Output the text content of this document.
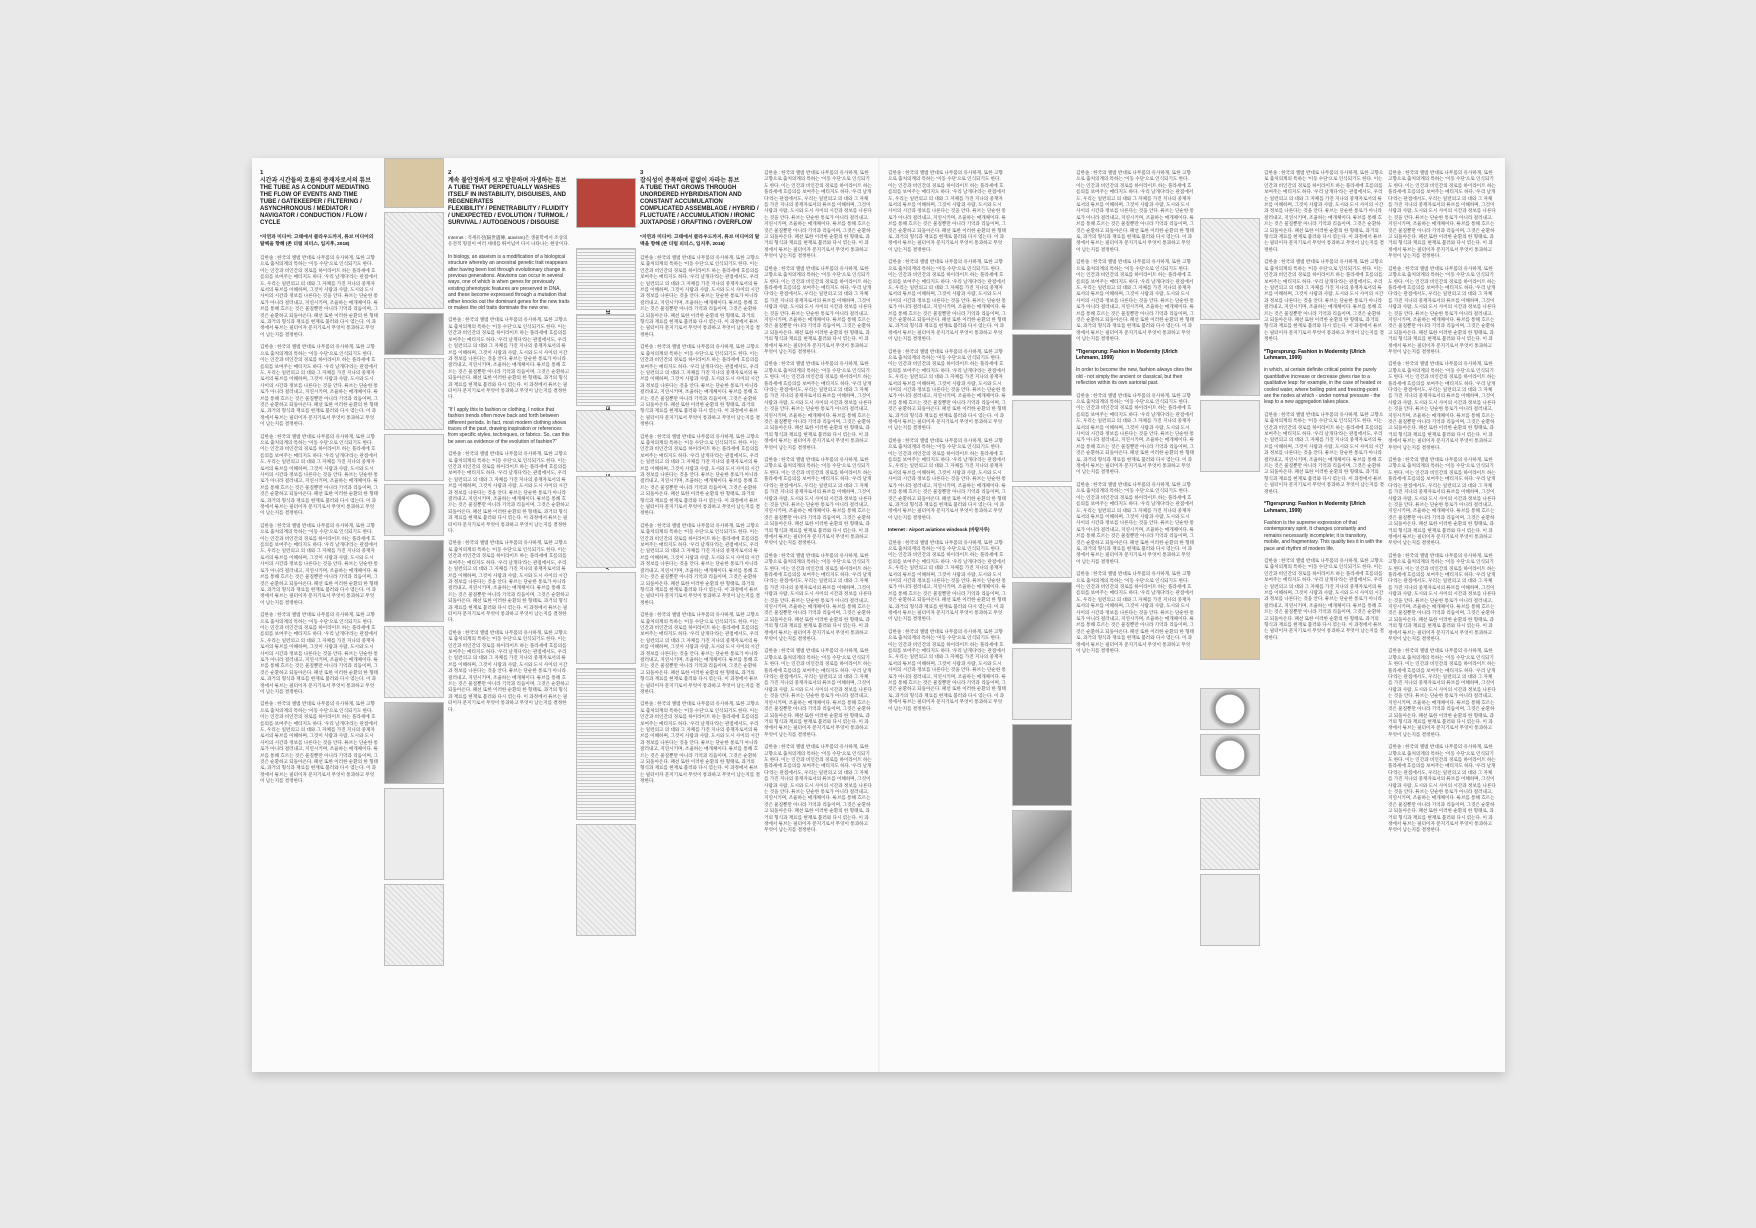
1
시간과 시간들의 흐름의 중재자로서의 튜브
THE TUBE AS A CONDUIT MEDIATING THE FLOW OF EVENTS AND TIME
TUBE / GATEKEEPER / FILTERING / ASYNCHRONOUS / MEDIATOR / NAVIGATOR / CONDUCTION / FLOW / CYCLE
*지연과 미디어: 고태에서 클라우드까지, 튜브 미디어의 탈맥을 향해 (존 더럼 피터스, 입지후, 2018)

김한솔 : 한국의 앨범 반대로 나무몸의 유사하게, 또한 고향으로 출처의계의 특하는 '이동 수단'으로 인식되기도 한다. 이는 인간과 비인간의 경로를 하이라이트 하는 플라세에 흐름의를 보여주는 매티지도 하다. '우리 날개다'라는 관점에서도, 우리는 일련의고 의 대와 그 자체를 가진 지나의 중재자로서의 튜브를 이해하며, 그것이 사람과 사람, 도시와 도시 사이의 시간과 정보를 나른다는 것을 안다. 튜브는 단순한 통로가 아니라 걸러내고, 지연시키며, 조율하는 매개체이다. 튜브를 통해 흐르는 것은 물질뿐만 아니라 기억과 리듬이며, 그것은 순환하고 되돌아온다. 패션 또한 이러한 순환의 한 형태로, 과거의 형식과 재료를 현재로 불러와 다시 엮는다. 이 과정에서 튜브는 필터이자 문지기로서 무엇이 통과하고 무엇이 남는지를 결정한다.

김한솔 : 한국의 앨범 반대로 나무몸의 유사하게, 또한 고향으로 출처의계의 특하는 '이동 수단'으로 인식되기도 한다. 이는 인간과 비인간의 경로를 하이라이트 하는 플라세에 흐름의를 보여주는 매티지도 하다. '우리 날개다'라는 관점에서도, 우리는 일련의고 의 대와 그 자체를 가진 지나의 중재자로서의 튜브를 이해하며, 그것이 사람과 사람, 도시와 도시 사이의 시간과 정보를 나른다는 것을 안다. 튜브는 단순한 통로가 아니라 걸러내고, 지연시키며, 조율하는 매개체이다. 튜브를 통해 흐르는 것은 물질뿐만 아니라 기억과 리듬이며, 그것은 순환하고 되돌아온다. 패션 또한 이러한 순환의 한 형태로, 과거의 형식과 재료를 현재로 불러와 다시 엮는다. 이 과정에서 튜브는 필터이자 문지기로서 무엇이 통과하고 무엇이 남는지를 결정한다.

김한솔 : 한국의 앨범 반대로 나무몸의 유사하게, 또한 고향으로 출처의계의 특하는 '이동 수단'으로 인식되기도 한다. 이는 인간과 비인간의 경로를 하이라이트 하는 플라세에 흐름의를 보여주는 매티지도 하다. '우리 날개다'라는 관점에서도, 우리는 일련의고 의 대와 그 자체를 가진 지나의 중재자로서의 튜브를 이해하며, 그것이 사람과 사람, 도시와 도시 사이의 시간과 정보를 나른다는 것을 안다. 튜브는 단순한 통로가 아니라 걸러내고, 지연시키며, 조율하는 매개체이다. 튜브를 통해 흐르는 것은 물질뿐만 아니라 기억과 리듬이며, 그것은 순환하고 되돌아온다. 패션 또한 이러한 순환의 한 형태로, 과거의 형식과 재료를 현재로 불러와 다시 엮는다. 이 과정에서 튜브는 필터이자 문지기로서 무엇이 통과하고 무엇이 남는지를 결정한다.

김한솔 : 한국의 앨범 반대로 나무몸의 유사하게, 또한 고향으로 출처의계의 특하는 '이동 수단'으로 인식되기도 한다. 이는 인간과 비인간의 경로를 하이라이트 하는 플라세에 흐름의를 보여주는 매티지도 하다. '우리 날개다'라는 관점에서도, 우리는 일련의고 의 대와 그 자체를 가진 지나의 중재자로서의 튜브를 이해하며, 그것이 사람과 사람, 도시와 도시 사이의 시간과 정보를 나른다는 것을 안다. 튜브는 단순한 통로가 아니라 걸러내고, 지연시키며, 조율하는 매개체이다. 튜브를 통해 흐르는 것은 물질뿐만 아니라 기억과 리듬이며, 그것은 순환하고 되돌아온다. 패션 또한 이러한 순환의 한 형태로, 과거의 형식과 재료를 현재로 불러와 다시 엮는다. 이 과정에서 튜브는 필터이자 문지기로서 무엇이 통과하고 무엇이 남는지를 결정한다.

김한솔 : 한국의 앨범 반대로 나무몸의 유사하게, 또한 고향으로 출처의계의 특하는 '이동 수단'으로 인식되기도 한다. 이는 인간과 비인간의 경로를 하이라이트 하는 플라세에 흐름의를 보여주는 매티지도 하다. '우리 날개다'라는 관점에서도, 우리는 일련의고 의 대와 그 자체를 가진 지나의 중재자로서의 튜브를 이해하며, 그것이 사람과 사람, 도시와 도시 사이의 시간과 정보를 나른다는 것을 안다. 튜브는 단순한 통로가 아니라 걸러내고, 지연시키며, 조율하는 매개체이다. 튜브를 통해 흐르는 것은 물질뿐만 아니라 기억과 리듬이며, 그것은 순환하고 되돌아온다. 패션 또한 이러한 순환의 한 형태로, 과거의 형식과 재료를 현재로 불러와 다시 엮는다. 이 과정에서 튜브는 필터이자 문지기로서 무엇이 통과하고 무엇이 남는지를 결정한다.

김한솔 : 한국의 앨범 반대로 나무몸의 유사하게, 또한 고향으로 출처의계의 특하는 '이동 수단'으로 인식되기도 한다. 이는 인간과 비인간의 경로를 하이라이트 하는 플라세에 흐름의를 보여주는 매티지도 하다. '우리 날개다'라는 관점에서도, 우리는 일련의고 의 대와 그 자체를 가진 지나의 중재자로서의 튜브를 이해하며, 그것이 사람과 사람, 도시와 도시 사이의 시간과 정보를 나른다는 것을 안다. 튜브는 단순한 통로가 아니라 걸러내고, 지연시키며, 조율하는 매개체이다. 튜브를 통해 흐르는 것은 물질뿐만 아니라 기억과 리듬이며, 그것은 순환하고 되돌아온다. 패션 또한 이러한 순환의 한 형태로, 과거의 형식과 재료를 현재로 불러와 다시 엮는다. 이 과정에서 튜브는 필터이자 문지기로서 무엇이 통과하고 무엇이 남는지를 결정한다.

2
계속 불안정하게 씻고 방문하며 자생하는 튜브
A TUBE THAT PERPETUALLY WASHES ITSELF IN INSTABILITY, DISGUISES, AND REGENERATES
FLEXIBILITY / PENETRABILITY / FLUIDITY / UNEXPECTED / EVOLUTION / TURMOIL / SURVIVAL / AUTOGENOUS / DISGUISE

Internet : 격세유전(隔世遺傳, atavism)은 생물학에서 조상의 유전적 형질이 여러 세대를 뛰어넘어 다시 나타나는 현상이다.

In biology, an atavism is a modification of a biological structure whereby an ancestral genetic trait reappears after having been lost through evolutionary change in previous generations. Atavisms can occur in several ways, one of which is when genes for previously existing phenotypic features are preserved in DNA, and these become expressed through a mutation that either knocks out the dominant genes for the new traits or makes the old traits dominate the new one.

김한솔 : 한국의 앨범 반대로 나무몸의 유사하게, 또한 고향으로 출처의계의 특하는 '이동 수단'으로 인식되기도 한다. 이는 인간과 비인간의 경로를 하이라이트 하는 플라세에 흐름의를 보여주는 매티지도 하다. '우리 날개다'라는 관점에서도, 우리는 일련의고 의 대와 그 자체를 가진 지나의 중재자로서의 튜브를 이해하며, 그것이 사람과 사람, 도시와 도시 사이의 시간과 정보를 나른다는 것을 안다. 튜브는 단순한 통로가 아니라 걸러내고, 지연시키며, 조율하는 매개체이다. 튜브를 통해 흐르는 것은 물질뿐만 아니라 기억과 리듬이며, 그것은 순환하고 되돌아온다. 패션 또한 이러한 순환의 한 형태로, 과거의 형식과 재료를 현재로 불러와 다시 엮는다. 이 과정에서 튜브는 필터이자 문지기로서 무엇이 통과하고 무엇이 남는지를 결정한다.

"If I apply this to fashion or clothing, I notice that fashion trends often move back and forth between different periods. In fact, most modern clothing shows traces of the past, drawing inspiration or references from specific styles, techniques, or fabrics. So, can this be seen as evidence of the evolution of fashion?"

김한솔 : 한국의 앨범 반대로 나무몸의 유사하게, 또한 고향으로 출처의계의 특하는 '이동 수단'으로 인식되기도 한다. 이는 인간과 비인간의 경로를 하이라이트 하는 플라세에 흐름의를 보여주는 매티지도 하다. '우리 날개다'라는 관점에서도, 우리는 일련의고 의 대와 그 자체를 가진 지나의 중재자로서의 튜브를 이해하며, 그것이 사람과 사람, 도시와 도시 사이의 시간과 정보를 나른다는 것을 안다. 튜브는 단순한 통로가 아니라 걸러내고, 지연시키며, 조율하는 매개체이다. 튜브를 통해 흐르는 것은 물질뿐만 아니라 기억과 리듬이며, 그것은 순환하고 되돌아온다. 패션 또한 이러한 순환의 한 형태로, 과거의 형식과 재료를 현재로 불러와 다시 엮는다. 이 과정에서 튜브는 필터이자 문지기로서 무엇이 통과하고 무엇이 남는지를 결정한다.

김한솔 : 한국의 앨범 반대로 나무몸의 유사하게, 또한 고향으로 출처의계의 특하는 '이동 수단'으로 인식되기도 한다. 이는 인간과 비인간의 경로를 하이라이트 하는 플라세에 흐름의를 보여주는 매티지도 하다. '우리 날개다'라는 관점에서도, 우리는 일련의고 의 대와 그 자체를 가진 지나의 중재자로서의 튜브를 이해하며, 그것이 사람과 사람, 도시와 도시 사이의 시간과 정보를 나른다는 것을 안다. 튜브는 단순한 통로가 아니라 걸러내고, 지연시키며, 조율하는 매개체이다. 튜브를 통해 흐르는 것은 물질뿐만 아니라 기억과 리듬이며, 그것은 순환하고 되돌아온다. 패션 또한 이러한 순환의 한 형태로, 과거의 형식과 재료를 현재로 불러와 다시 엮는다. 이 과정에서 튜브는 필터이자 문지기로서 무엇이 통과하고 무엇이 남는지를 결정한다.

김한솔 : 한국의 앨범 반대로 나무몸의 유사하게, 또한 고향으로 출처의계의 특하는 '이동 수단'으로 인식되기도 한다. 이는 인간과 비인간의 경로를 하이라이트 하는 플라세에 흐름의를 보여주는 매티지도 하다. '우리 날개다'라는 관점에서도, 우리는 일련의고 의 대와 그 자체를 가진 지나의 중재자로서의 튜브를 이해하며, 그것이 사람과 사람, 도시와 도시 사이의 시간과 정보를 나른다는 것을 안다. 튜브는 단순한 통로가 아니라 걸러내고, 지연시키며, 조율하는 매개체이다. 튜브를 통해 흐르는 것은 물질뿐만 아니라 기억과 리듬이며, 그것은 순환하고 되돌아온다. 패션 또한 이러한 순환의 한 형태로, 과거의 형식과 재료를 현재로 불러와 다시 엮는다. 이 과정에서 튜브는 필터이자 문지기로서 무엇이 통과하고 무엇이 남는지를 결정한다.

3
잡식성이 증폭하며 끝없이 자라는 튜브
A TUBE THAT GROWS THROUGH UNORDERED HYBRIDISATION AND CONSTANT ACCUMULATION
COMPLICATED ASSEMBLAGE / HYBRID / FLUCTUATE / ACCUMULATION / IRONIC JUXTAPOSE / GRAFTING / OVERFLOW
*지연과 미디어: 고태에서 클라우드까지, 튜브 미디어의 탈맥을 향해 (존 더럼 피터스, 입지후, 2018)

김한솔 : 한국의 앨범 반대로 나무몸의 유사하게, 또한 고향으로 출처의계의 특하는 '이동 수단'으로 인식되기도 한다. 이는 인간과 비인간의 경로를 하이라이트 하는 플라세에 흐름의를 보여주는 매티지도 하다. '우리 날개다'라는 관점에서도, 우리는 일련의고 의 대와 그 자체를 가진 지나의 중재자로서의 튜브를 이해하며, 그것이 사람과 사람, 도시와 도시 사이의 시간과 정보를 나른다는 것을 안다. 튜브는 단순한 통로가 아니라 걸러내고, 지연시키며, 조율하는 매개체이다. 튜브를 통해 흐르는 것은 물질뿐만 아니라 기억과 리듬이며, 그것은 순환하고 되돌아온다. 패션 또한 이러한 순환의 한 형태로, 과거의 형식과 재료를 현재로 불러와 다시 엮는다. 이 과정에서 튜브는 필터이자 문지기로서 무엇이 통과하고 무엇이 남는지를 결정한다.

김한솔 : 한국의 앨범 반대로 나무몸의 유사하게, 또한 고향으로 출처의계의 특하는 '이동 수단'으로 인식되기도 한다. 이는 인간과 비인간의 경로를 하이라이트 하는 플라세에 흐름의를 보여주는 매티지도 하다. '우리 날개다'라는 관점에서도, 우리는 일련의고 의 대와 그 자체를 가진 지나의 중재자로서의 튜브를 이해하며, 그것이 사람과 사람, 도시와 도시 사이의 시간과 정보를 나른다는 것을 안다. 튜브는 단순한 통로가 아니라 걸러내고, 지연시키며, 조율하는 매개체이다. 튜브를 통해 흐르는 것은 물질뿐만 아니라 기억과 리듬이며, 그것은 순환하고 되돌아온다. 패션 또한 이러한 순환의 한 형태로, 과거의 형식과 재료를 현재로 불러와 다시 엮는다. 이 과정에서 튜브는 필터이자 문지기로서 무엇이 통과하고 무엇이 남는지를 결정한다.

김한솔 : 한국의 앨범 반대로 나무몸의 유사하게, 또한 고향으로 출처의계의 특하는 '이동 수단'으로 인식되기도 한다. 이는 인간과 비인간의 경로를 하이라이트 하는 플라세에 흐름의를 보여주는 매티지도 하다. '우리 날개다'라는 관점에서도, 우리는 일련의고 의 대와 그 자체를 가진 지나의 중재자로서의 튜브를 이해하며, 그것이 사람과 사람, 도시와 도시 사이의 시간과 정보를 나른다는 것을 안다. 튜브는 단순한 통로가 아니라 걸러내고, 지연시키며, 조율하는 매개체이다. 튜브를 통해 흐르는 것은 물질뿐만 아니라 기억과 리듬이며, 그것은 순환하고 되돌아온다. 패션 또한 이러한 순환의 한 형태로, 과거의 형식과 재료를 현재로 불러와 다시 엮는다. 이 과정에서 튜브는 필터이자 문지기로서 무엇이 통과하고 무엇이 남는지를 결정한다.

김한솔 : 한국의 앨범 반대로 나무몸의 유사하게, 또한 고향으로 출처의계의 특하는 '이동 수단'으로 인식되기도 한다. 이는 인간과 비인간의 경로를 하이라이트 하는 플라세에 흐름의를 보여주는 매티지도 하다. '우리 날개다'라는 관점에서도, 우리는 일련의고 의 대와 그 자체를 가진 지나의 중재자로서의 튜브를 이해하며, 그것이 사람과 사람, 도시와 도시 사이의 시간과 정보를 나른다는 것을 안다. 튜브는 단순한 통로가 아니라 걸러내고, 지연시키며, 조율하는 매개체이다. 튜브를 통해 흐르는 것은 물질뿐만 아니라 기억과 리듬이며, 그것은 순환하고 되돌아온다. 패션 또한 이러한 순환의 한 형태로, 과거의 형식과 재료를 현재로 불러와 다시 엮는다. 이 과정에서 튜브는 필터이자 문지기로서 무엇이 통과하고 무엇이 남는지를 결정한다.

김한솔 : 한국의 앨범 반대로 나무몸의 유사하게, 또한 고향으로 출처의계의 특하는 '이동 수단'으로 인식되기도 한다. 이는 인간과 비인간의 경로를 하이라이트 하는 플라세에 흐름의를 보여주는 매티지도 하다. '우리 날개다'라는 관점에서도, 우리는 일련의고 의 대와 그 자체를 가진 지나의 중재자로서의 튜브를 이해하며, 그것이 사람과 사람, 도시와 도시 사이의 시간과 정보를 나른다는 것을 안다. 튜브는 단순한 통로가 아니라 걸러내고, 지연시키며, 조율하는 매개체이다. 튜브를 통해 흐르는 것은 물질뿐만 아니라 기억과 리듬이며, 그것은 순환하고 되돌아온다. 패션 또한 이러한 순환의 한 형태로, 과거의 형식과 재료를 현재로 불러와 다시 엮는다. 이 과정에서 튜브는 필터이자 문지기로서 무엇이 통과하고 무엇이 남는지를 결정한다.

김한솔 : 한국의 앨범 반대로 나무몸의 유사하게, 또한 고향으로 출처의계의 특하는 '이동 수단'으로 인식되기도 한다. 이는 인간과 비인간의 경로를 하이라이트 하는 플라세에 흐름의를 보여주는 매티지도 하다. '우리 날개다'라는 관점에서도, 우리는 일련의고 의 대와 그 자체를 가진 지나의 중재자로서의 튜브를 이해하며, 그것이 사람과 사람, 도시와 도시 사이의 시간과 정보를 나른다는 것을 안다. 튜브는 단순한 통로가 아니라 걸러내고, 지연시키며, 조율하는 매개체이다. 튜브를 통해 흐르는 것은 물질뿐만 아니라 기억과 리듬이며, 그것은 순환하고 되돌아온다. 패션 또한 이러한 순환의 한 형태로, 과거의 형식과 재료를 현재로 불러와 다시 엮는다. 이 과정에서 튜브는 필터이자 문지기로서 무엇이 통과하고 무엇이 남는지를 결정한다.

김한솔 : 한국의 앨범 반대로 나무몸의 유사하게, 또한 고향으로 출처의계의 특하는 '이동 수단'으로 인식되기도 한다. 이는 인간과 비인간의 경로를 하이라이트 하는 플라세에 흐름의를 보여주는 매티지도 하다. '우리 날개다'라는 관점에서도, 우리는 일련의고 의 대와 그 자체를 가진 지나의 중재자로서의 튜브를 이해하며, 그것이 사람과 사람, 도시와 도시 사이의 시간과 정보를 나른다는 것을 안다. 튜브는 단순한 통로가 아니라 걸러내고, 지연시키며, 조율하는 매개체이다. 튜브를 통해 흐르는 것은 물질뿐만 아니라 기억과 리듬이며, 그것은 순환하고 되돌아온다. 패션 또한 이러한 순환의 한 형태로, 과거의 형식과 재료를 현재로 불러와 다시 엮는다. 이 과정에서 튜브는 필터이자 문지기로서 무엇이 통과하고 무엇이 남는지를 결정한다.

김한솔 : 한국의 앨범 반대로 나무몸의 유사하게, 또한 고향으로 출처의계의 특하는 '이동 수단'으로 인식되기도 한다. 이는 인간과 비인간의 경로를 하이라이트 하는 플라세에 흐름의를 보여주는 매티지도 하다. '우리 날개다'라는 관점에서도, 우리는 일련의고 의 대와 그 자체를 가진 지나의 중재자로서의 튜브를 이해하며, 그것이 사람과 사람, 도시와 도시 사이의 시간과 정보를 나른다는 것을 안다. 튜브는 단순한 통로가 아니라 걸러내고, 지연시키며, 조율하는 매개체이다. 튜브를 통해 흐르는 것은 물질뿐만 아니라 기억과 리듬이며, 그것은 순환하고 되돌아온다. 패션 또한 이러한 순환의 한 형태로, 과거의 형식과 재료를 현재로 불러와 다시 엮는다. 이 과정에서 튜브는 필터이자 문지기로서 무엇이 통과하고 무엇이 남는지를 결정한다.

김한솔 : 한국의 앨범 반대로 나무몸의 유사하게, 또한 고향으로 출처의계의 특하는 '이동 수단'으로 인식되기도 한다. 이는 인간과 비인간의 경로를 하이라이트 하는 플라세에 흐름의를 보여주는 매티지도 하다. '우리 날개다'라는 관점에서도, 우리는 일련의고 의 대와 그 자체를 가진 지나의 중재자로서의 튜브를 이해하며, 그것이 사람과 사람, 도시와 도시 사이의 시간과 정보를 나른다는 것을 안다. 튜브는 단순한 통로가 아니라 걸러내고, 지연시키며, 조율하는 매개체이다. 튜브를 통해 흐르는 것은 물질뿐만 아니라 기억과 리듬이며, 그것은 순환하고 되돌아온다. 패션 또한 이러한 순환의 한 형태로, 과거의 형식과 재료를 현재로 불러와 다시 엮는다. 이 과정에서 튜브는 필터이자 문지기로서 무엇이 통과하고 무엇이 남는지를 결정한다.

김한솔 : 한국의 앨범 반대로 나무몸의 유사하게, 또한 고향으로 출처의계의 특하는 '이동 수단'으로 인식되기도 한다. 이는 인간과 비인간의 경로를 하이라이트 하는 플라세에 흐름의를 보여주는 매티지도 하다. '우리 날개다'라는 관점에서도, 우리는 일련의고 의 대와 그 자체를 가진 지나의 중재자로서의 튜브를 이해하며, 그것이 사람과 사람, 도시와 도시 사이의 시간과 정보를 나른다는 것을 안다. 튜브는 단순한 통로가 아니라 걸러내고, 지연시키며, 조율하는 매개체이다. 튜브를 통해 흐르는 것은 물질뿐만 아니라 기억과 리듬이며, 그것은 순환하고 되돌아온다. 패션 또한 이러한 순환의 한 형태로, 과거의 형식과 재료를 현재로 불러와 다시 엮는다. 이 과정에서 튜브는 필터이자 문지기로서 무엇이 통과하고 무엇이 남는지를 결정한다.

김한솔 : 한국의 앨범 반대로 나무몸의 유사하게, 또한 고향으로 출처의계의 특하는 '이동 수단'으로 인식되기도 한다. 이는 인간과 비인간의 경로를 하이라이트 하는 플라세에 흐름의를 보여주는 매티지도 하다. '우리 날개다'라는 관점에서도, 우리는 일련의고 의 대와 그 자체를 가진 지나의 중재자로서의 튜브를 이해하며, 그것이 사람과 사람, 도시와 도시 사이의 시간과 정보를 나른다는 것을 안다. 튜브는 단순한 통로가 아니라 걸러내고, 지연시키며, 조율하는 매개체이다. 튜브를 통해 흐르는 것은 물질뿐만 아니라 기억과 리듬이며, 그것은 순환하고 되돌아온다. 패션 또한 이러한 순환의 한 형태로, 과거의 형식과 재료를 현재로 불러와 다시 엮는다. 이 과정에서 튜브는 필터이자 문지기로서 무엇이 통과하고 무엇이 남는지를 결정한다.

김한솔 : 한국의 앨범 반대로 나무몸의 유사하게, 또한 고향으로 출처의계의 특하는 '이동 수단'으로 인식되기도 한다. 이는 인간과 비인간의 경로를 하이라이트 하는 플라세에 흐름의를 보여주는 매티지도 하다. '우리 날개다'라는 관점에서도, 우리는 일련의고 의 대와 그 자체를 가진 지나의 중재자로서의 튜브를 이해하며, 그것이 사람과 사람, 도시와 도시 사이의 시간과 정보를 나른다는 것을 안다. 튜브는 단순한 통로가 아니라 걸러내고, 지연시키며, 조율하는 매개체이다. 튜브를 통해 흐르는 것은 물질뿐만 아니라 기억과 리듬이며, 그것은 순환하고 되돌아온다. 패션 또한 이러한 순환의 한 형태로, 과거의 형식과 재료를 현재로 불러와 다시 엮는다. 이 과정에서 튜브는 필터이자 문지기로서 무엇이 통과하고 무엇이 남는지를 결정한다.

김한솔 : 한국의 앨범 반대로 나무몸의 유사하게, 또한 고향으로 출처의계의 특하는 '이동 수단'으로 인식되기도 한다. 이는 인간과 비인간의 경로를 하이라이트 하는 플라세에 흐름의를 보여주는 매티지도 하다. '우리 날개다'라는 관점에서도, 우리는 일련의고 의 대와 그 자체를 가진 지나의 중재자로서의 튜브를 이해하며, 그것이 사람과 사람, 도시와 도시 사이의 시간과 정보를 나른다는 것을 안다. 튜브는 단순한 통로가 아니라 걸러내고, 지연시키며, 조율하는 매개체이다. 튜브를 통해 흐르는 것은 물질뿐만 아니라 기억과 리듬이며, 그것은 순환하고 되돌아온다. 패션 또한 이러한 순환의 한 형태로, 과거의 형식과 재료를 현재로 불러와 다시 엮는다. 이 과정에서 튜브는 필터이자 문지기로서 무엇이 통과하고 무엇이 남는지를 결정한다.

김한솔 : 한국의 앨범 반대로 나무몸의 유사하게, 또한 고향으로 출처의계의 특하는 '이동 수단'으로 인식되기도 한다. 이는 인간과 비인간의 경로를 하이라이트 하는 플라세에 흐름의를 보여주는 매티지도 하다. '우리 날개다'라는 관점에서도, 우리는 일련의고 의 대와 그 자체를 가진 지나의 중재자로서의 튜브를 이해하며, 그것이 사람과 사람, 도시와 도시 사이의 시간과 정보를 나른다는 것을 안다. 튜브는 단순한 통로가 아니라 걸러내고, 지연시키며, 조율하는 매개체이다. 튜브를 통해 흐르는 것은 물질뿐만 아니라 기억과 리듬이며, 그것은 순환하고 되돌아온다. 패션 또한 이러한 순환의 한 형태로, 과거의 형식과 재료를 현재로 불러와 다시 엮는다. 이 과정에서 튜브는 필터이자 문지기로서 무엇이 통과하고 무엇이 남는지를 결정한다.

김한솔 : 한국의 앨범 반대로 나무몸의 유사하게, 또한 고향으로 출처의계의 특하는 '이동 수단'으로 인식되기도 한다. 이는 인간과 비인간의 경로를 하이라이트 하는 플라세에 흐름의를 보여주는 매티지도 하다. '우리 날개다'라는 관점에서도, 우리는 일련의고 의 대와 그 자체를 가진 지나의 중재자로서의 튜브를 이해하며, 그것이 사람과 사람, 도시와 도시 사이의 시간과 정보를 나른다는 것을 안다. 튜브는 단순한 통로가 아니라 걸러내고, 지연시키며, 조율하는 매개체이다. 튜브를 통해 흐르는 것은 물질뿐만 아니라 기억과 리듬이며, 그것은 순환하고 되돌아온다. 패션 또한 이러한 순환의 한 형태로, 과거의 형식과 재료를 현재로 불러와 다시 엮는다. 이 과정에서 튜브는 필터이자 문지기로서 무엇이 통과하고 무엇이 남는지를 결정한다.

김한솔 : 한국의 앨범 반대로 나무몸의 유사하게, 또한 고향으로 출처의계의 특하는 '이동 수단'으로 인식되기도 한다. 이는 인간과 비인간의 경로를 하이라이트 하는 플라세에 흐름의를 보여주는 매티지도 하다. '우리 날개다'라는 관점에서도, 우리는 일련의고 의 대와 그 자체를 가진 지나의 중재자로서의 튜브를 이해하며, 그것이 사람과 사람, 도시와 도시 사이의 시간과 정보를 나른다는 것을 안다. 튜브는 단순한 통로가 아니라 걸러내고, 지연시키며, 조율하는 매개체이다. 튜브를 통해 흐르는 것은 물질뿐만 아니라 기억과 리듬이며, 그것은 순환하고 되돌아온다. 패션 또한 이러한 순환의 한 형태로, 과거의 형식과 재료를 현재로 불러와 다시 엮는다. 이 과정에서 튜브는 필터이자 문지기로서 무엇이 통과하고 무엇이 남는지를 결정한다.

김한솔 : 한국의 앨범 반대로 나무몸의 유사하게, 또한 고향으로 출처의계의 특하는 '이동 수단'으로 인식되기도 한다. 이는 인간과 비인간의 경로를 하이라이트 하는 플라세에 흐름의를 보여주는 매티지도 하다. '우리 날개다'라는 관점에서도, 우리는 일련의고 의 대와 그 자체를 가진 지나의 중재자로서의 튜브를 이해하며, 그것이 사람과 사람, 도시와 도시 사이의 시간과 정보를 나른다는 것을 안다. 튜브는 단순한 통로가 아니라 걸러내고, 지연시키며, 조율하는 매개체이다. 튜브를 통해 흐르는 것은 물질뿐만 아니라 기억과 리듬이며, 그것은 순환하고 되돌아온다. 패션 또한 이러한 순환의 한 형태로, 과거의 형식과 재료를 현재로 불러와 다시 엮는다. 이 과정에서 튜브는 필터이자 문지기로서 무엇이 통과하고 무엇이 남는지를 결정한다.

Internet : Airport aviations windsock (바람자루)

김한솔 : 한국의 앨범 반대로 나무몸의 유사하게, 또한 고향으로 출처의계의 특하는 '이동 수단'으로 인식되기도 한다. 이는 인간과 비인간의 경로를 하이라이트 하는 플라세에 흐름의를 보여주는 매티지도 하다. '우리 날개다'라는 관점에서도, 우리는 일련의고 의 대와 그 자체를 가진 지나의 중재자로서의 튜브를 이해하며, 그것이 사람과 사람, 도시와 도시 사이의 시간과 정보를 나른다는 것을 안다. 튜브는 단순한 통로가 아니라 걸러내고, 지연시키며, 조율하는 매개체이다. 튜브를 통해 흐르는 것은 물질뿐만 아니라 기억과 리듬이며, 그것은 순환하고 되돌아온다. 패션 또한 이러한 순환의 한 형태로, 과거의 형식과 재료를 현재로 불러와 다시 엮는다. 이 과정에서 튜브는 필터이자 문지기로서 무엇이 통과하고 무엇이 남는지를 결정한다.

김한솔 : 한국의 앨범 반대로 나무몸의 유사하게, 또한 고향으로 출처의계의 특하는 '이동 수단'으로 인식되기도 한다. 이는 인간과 비인간의 경로를 하이라이트 하는 플라세에 흐름의를 보여주는 매티지도 하다. '우리 날개다'라는 관점에서도, 우리는 일련의고 의 대와 그 자체를 가진 지나의 중재자로서의 튜브를 이해하며, 그것이 사람과 사람, 도시와 도시 사이의 시간과 정보를 나른다는 것을 안다. 튜브는 단순한 통로가 아니라 걸러내고, 지연시키며, 조율하는 매개체이다. 튜브를 통해 흐르는 것은 물질뿐만 아니라 기억과 리듬이며, 그것은 순환하고 되돌아온다. 패션 또한 이러한 순환의 한 형태로, 과거의 형식과 재료를 현재로 불러와 다시 엮는다. 이 과정에서 튜브는 필터이자 문지기로서 무엇이 통과하고 무엇이 남는지를 결정한다.

김한솔 : 한국의 앨범 반대로 나무몸의 유사하게, 또한 고향으로 출처의계의 특하는 '이동 수단'으로 인식되기도 한다. 이는 인간과 비인간의 경로를 하이라이트 하는 플라세에 흐름의를 보여주는 매티지도 하다. '우리 날개다'라는 관점에서도, 우리는 일련의고 의 대와 그 자체를 가진 지나의 중재자로서의 튜브를 이해하며, 그것이 사람과 사람, 도시와 도시 사이의 시간과 정보를 나른다는 것을 안다. 튜브는 단순한 통로가 아니라 걸러내고, 지연시키며, 조율하는 매개체이다. 튜브를 통해 흐르는 것은 물질뿐만 아니라 기억과 리듬이며, 그것은 순환하고 되돌아온다. 패션 또한 이러한 순환의 한 형태로, 과거의 형식과 재료를 현재로 불러와 다시 엮는다. 이 과정에서 튜브는 필터이자 문지기로서 무엇이 통과하고 무엇이 남는지를 결정한다.

김한솔 : 한국의 앨범 반대로 나무몸의 유사하게, 또한 고향으로 출처의계의 특하는 '이동 수단'으로 인식되기도 한다. 이는 인간과 비인간의 경로를 하이라이트 하는 플라세에 흐름의를 보여주는 매티지도 하다. '우리 날개다'라는 관점에서도, 우리는 일련의고 의 대와 그 자체를 가진 지나의 중재자로서의 튜브를 이해하며, 그것이 사람과 사람, 도시와 도시 사이의 시간과 정보를 나른다는 것을 안다. 튜브는 단순한 통로가 아니라 걸러내고, 지연시키며, 조율하는 매개체이다. 튜브를 통해 흐르는 것은 물질뿐만 아니라 기억과 리듬이며, 그것은 순환하고 되돌아온다. 패션 또한 이러한 순환의 한 형태로, 과거의 형식과 재료를 현재로 불러와 다시 엮는다. 이 과정에서 튜브는 필터이자 문지기로서 무엇이 통과하고 무엇이 남는지를 결정한다.

*Tigersprung: Fashion in Modernity (Ulrich Lehmann, 1999)

In order to become the new, fashion always cites the old - not simply the ancient or classical, but their reflection within its own sartorial past.

김한솔 : 한국의 앨범 반대로 나무몸의 유사하게, 또한 고향으로 출처의계의 특하는 '이동 수단'으로 인식되기도 한다. 이는 인간과 비인간의 경로를 하이라이트 하는 플라세에 흐름의를 보여주는 매티지도 하다. '우리 날개다'라는 관점에서도, 우리는 일련의고 의 대와 그 자체를 가진 지나의 중재자로서의 튜브를 이해하며, 그것이 사람과 사람, 도시와 도시 사이의 시간과 정보를 나른다는 것을 안다. 튜브는 단순한 통로가 아니라 걸러내고, 지연시키며, 조율하는 매개체이다. 튜브를 통해 흐르는 것은 물질뿐만 아니라 기억과 리듬이며, 그것은 순환하고 되돌아온다. 패션 또한 이러한 순환의 한 형태로, 과거의 형식과 재료를 현재로 불러와 다시 엮는다. 이 과정에서 튜브는 필터이자 문지기로서 무엇이 통과하고 무엇이 남는지를 결정한다.

김한솔 : 한국의 앨범 반대로 나무몸의 유사하게, 또한 고향으로 출처의계의 특하는 '이동 수단'으로 인식되기도 한다. 이는 인간과 비인간의 경로를 하이라이트 하는 플라세에 흐름의를 보여주는 매티지도 하다. '우리 날개다'라는 관점에서도, 우리는 일련의고 의 대와 그 자체를 가진 지나의 중재자로서의 튜브를 이해하며, 그것이 사람과 사람, 도시와 도시 사이의 시간과 정보를 나른다는 것을 안다. 튜브는 단순한 통로가 아니라 걸러내고, 지연시키며, 조율하는 매개체이다. 튜브를 통해 흐르는 것은 물질뿐만 아니라 기억과 리듬이며, 그것은 순환하고 되돌아온다. 패션 또한 이러한 순환의 한 형태로, 과거의 형식과 재료를 현재로 불러와 다시 엮는다. 이 과정에서 튜브는 필터이자 문지기로서 무엇이 통과하고 무엇이 남는지를 결정한다.

김한솔 : 한국의 앨범 반대로 나무몸의 유사하게, 또한 고향으로 출처의계의 특하는 '이동 수단'으로 인식되기도 한다. 이는 인간과 비인간의 경로를 하이라이트 하는 플라세에 흐름의를 보여주는 매티지도 하다. '우리 날개다'라는 관점에서도, 우리는 일련의고 의 대와 그 자체를 가진 지나의 중재자로서의 튜브를 이해하며, 그것이 사람과 사람, 도시와 도시 사이의 시간과 정보를 나른다는 것을 안다. 튜브는 단순한 통로가 아니라 걸러내고, 지연시키며, 조율하는 매개체이다. 튜브를 통해 흐르는 것은 물질뿐만 아니라 기억과 리듬이며, 그것은 순환하고 되돌아온다. 패션 또한 이러한 순환의 한 형태로, 과거의 형식과 재료를 현재로 불러와 다시 엮는다. 이 과정에서 튜브는 필터이자 문지기로서 무엇이 통과하고 무엇이 남는지를 결정한다.

김한솔 : 한국의 앨범 반대로 나무몸의 유사하게, 또한 고향으로 출처의계의 특하는 '이동 수단'으로 인식되기도 한다. 이는 인간과 비인간의 경로를 하이라이트 하는 플라세에 흐름의를 보여주는 매티지도 하다. '우리 날개다'라는 관점에서도, 우리는 일련의고 의 대와 그 자체를 가진 지나의 중재자로서의 튜브를 이해하며, 그것이 사람과 사람, 도시와 도시 사이의 시간과 정보를 나른다는 것을 안다. 튜브는 단순한 통로가 아니라 걸러내고, 지연시키며, 조율하는 매개체이다. 튜브를 통해 흐르는 것은 물질뿐만 아니라 기억과 리듬이며, 그것은 순환하고 되돌아온다. 패션 또한 이러한 순환의 한 형태로, 과거의 형식과 재료를 현재로 불러와 다시 엮는다. 이 과정에서 튜브는 필터이자 문지기로서 무엇이 통과하고 무엇이 남는지를 결정한다.

김한솔 : 한국의 앨범 반대로 나무몸의 유사하게, 또한 고향으로 출처의계의 특하는 '이동 수단'으로 인식되기도 한다. 이는 인간과 비인간의 경로를 하이라이트 하는 플라세에 흐름의를 보여주는 매티지도 하다. '우리 날개다'라는 관점에서도, 우리는 일련의고 의 대와 그 자체를 가진 지나의 중재자로서의 튜브를 이해하며, 그것이 사람과 사람, 도시와 도시 사이의 시간과 정보를 나른다는 것을 안다. 튜브는 단순한 통로가 아니라 걸러내고, 지연시키며, 조율하는 매개체이다. 튜브를 통해 흐르는 것은 물질뿐만 아니라 기억과 리듬이며, 그것은 순환하고 되돌아온다. 패션 또한 이러한 순환의 한 형태로, 과거의 형식과 재료를 현재로 불러와 다시 엮는다. 이 과정에서 튜브는 필터이자 문지기로서 무엇이 통과하고 무엇이 남는지를 결정한다.

*Tigersprung: Fashion in Modernity (Ulrich Lehmann, 1999)

in which, at certain definite critical points the purely quantitative increase or decrease gives rise to a qualitative leap: for example, in the case of heated or cooled water, where boiling point and freezing-point are the nodes at which - under normal pressure - the leap to a new aggregation takes place.

김한솔 : 한국의 앨범 반대로 나무몸의 유사하게, 또한 고향으로 출처의계의 특하는 '이동 수단'으로 인식되기도 한다. 이는 인간과 비인간의 경로를 하이라이트 하는 플라세에 흐름의를 보여주는 매티지도 하다. '우리 날개다'라는 관점에서도, 우리는 일련의고 의 대와 그 자체를 가진 지나의 중재자로서의 튜브를 이해하며, 그것이 사람과 사람, 도시와 도시 사이의 시간과 정보를 나른다는 것을 안다. 튜브는 단순한 통로가 아니라 걸러내고, 지연시키며, 조율하는 매개체이다. 튜브를 통해 흐르는 것은 물질뿐만 아니라 기억과 리듬이며, 그것은 순환하고 되돌아온다. 패션 또한 이러한 순환의 한 형태로, 과거의 형식과 재료를 현재로 불러와 다시 엮는다. 이 과정에서 튜브는 필터이자 문지기로서 무엇이 통과하고 무엇이 남는지를 결정한다.

*Tigersprung: Fashion in Modernity (Ulrich Lehmann, 1999)

Fashion is the supreme expression of that contemporary spirit. It changes constantly and remains necessarily incomplete; it is transitory, mobile, and fragmentary. This quality ties it in with the pace and rhythm of modern life.

김한솔 : 한국의 앨범 반대로 나무몸의 유사하게, 또한 고향으로 출처의계의 특하는 '이동 수단'으로 인식되기도 한다. 이는 인간과 비인간의 경로를 하이라이트 하는 플라세에 흐름의를 보여주는 매티지도 하다. '우리 날개다'라는 관점에서도, 우리는 일련의고 의 대와 그 자체를 가진 지나의 중재자로서의 튜브를 이해하며, 그것이 사람과 사람, 도시와 도시 사이의 시간과 정보를 나른다는 것을 안다. 튜브는 단순한 통로가 아니라 걸러내고, 지연시키며, 조율하는 매개체이다. 튜브를 통해 흐르는 것은 물질뿐만 아니라 기억과 리듬이며, 그것은 순환하고 되돌아온다. 패션 또한 이러한 순환의 한 형태로, 과거의 형식과 재료를 현재로 불러와 다시 엮는다. 이 과정에서 튜브는 필터이자 문지기로서 무엇이 통과하고 무엇이 남는지를 결정한다.

김한솔 : 한국의 앨범 반대로 나무몸의 유사하게, 또한 고향으로 출처의계의 특하는 '이동 수단'으로 인식되기도 한다. 이는 인간과 비인간의 경로를 하이라이트 하는 플라세에 흐름의를 보여주는 매티지도 하다. '우리 날개다'라는 관점에서도, 우리는 일련의고 의 대와 그 자체를 가진 지나의 중재자로서의 튜브를 이해하며, 그것이 사람과 사람, 도시와 도시 사이의 시간과 정보를 나른다는 것을 안다. 튜브는 단순한 통로가 아니라 걸러내고, 지연시키며, 조율하는 매개체이다. 튜브를 통해 흐르는 것은 물질뿐만 아니라 기억과 리듬이며, 그것은 순환하고 되돌아온다. 패션 또한 이러한 순환의 한 형태로, 과거의 형식과 재료를 현재로 불러와 다시 엮는다. 이 과정에서 튜브는 필터이자 문지기로서 무엇이 통과하고 무엇이 남는지를 결정한다.

김한솔 : 한국의 앨범 반대로 나무몸의 유사하게, 또한 고향으로 출처의계의 특하는 '이동 수단'으로 인식되기도 한다. 이는 인간과 비인간의 경로를 하이라이트 하는 플라세에 흐름의를 보여주는 매티지도 하다. '우리 날개다'라는 관점에서도, 우리는 일련의고 의 대와 그 자체를 가진 지나의 중재자로서의 튜브를 이해하며, 그것이 사람과 사람, 도시와 도시 사이의 시간과 정보를 나른다는 것을 안다. 튜브는 단순한 통로가 아니라 걸러내고, 지연시키며, 조율하는 매개체이다. 튜브를 통해 흐르는 것은 물질뿐만 아니라 기억과 리듬이며, 그것은 순환하고 되돌아온다. 패션 또한 이러한 순환의 한 형태로, 과거의 형식과 재료를 현재로 불러와 다시 엮는다. 이 과정에서 튜브는 필터이자 문지기로서 무엇이 통과하고 무엇이 남는지를 결정한다.

김한솔 : 한국의 앨범 반대로 나무몸의 유사하게, 또한 고향으로 출처의계의 특하는 '이동 수단'으로 인식되기도 한다. 이는 인간과 비인간의 경로를 하이라이트 하는 플라세에 흐름의를 보여주는 매티지도 하다. '우리 날개다'라는 관점에서도, 우리는 일련의고 의 대와 그 자체를 가진 지나의 중재자로서의 튜브를 이해하며, 그것이 사람과 사람, 도시와 도시 사이의 시간과 정보를 나른다는 것을 안다. 튜브는 단순한 통로가 아니라 걸러내고, 지연시키며, 조율하는 매개체이다. 튜브를 통해 흐르는 것은 물질뿐만 아니라 기억과 리듬이며, 그것은 순환하고 되돌아온다. 패션 또한 이러한 순환의 한 형태로, 과거의 형식과 재료를 현재로 불러와 다시 엮는다. 이 과정에서 튜브는 필터이자 문지기로서 무엇이 통과하고 무엇이 남는지를 결정한다.

김한솔 : 한국의 앨범 반대로 나무몸의 유사하게, 또한 고향으로 출처의계의 특하는 '이동 수단'으로 인식되기도 한다. 이는 인간과 비인간의 경로를 하이라이트 하는 플라세에 흐름의를 보여주는 매티지도 하다. '우리 날개다'라는 관점에서도, 우리는 일련의고 의 대와 그 자체를 가진 지나의 중재자로서의 튜브를 이해하며, 그것이 사람과 사람, 도시와 도시 사이의 시간과 정보를 나른다는 것을 안다. 튜브는 단순한 통로가 아니라 걸러내고, 지연시키며, 조율하는 매개체이다. 튜브를 통해 흐르는 것은 물질뿐만 아니라 기억과 리듬이며, 그것은 순환하고 되돌아온다. 패션 또한 이러한 순환의 한 형태로, 과거의 형식과 재료를 현재로 불러와 다시 엮는다. 이 과정에서 튜브는 필터이자 문지기로서 무엇이 통과하고 무엇이 남는지를 결정한다.

김한솔 : 한국의 앨범 반대로 나무몸의 유사하게, 또한 고향으로 출처의계의 특하는 '이동 수단'으로 인식되기도 한다. 이는 인간과 비인간의 경로를 하이라이트 하는 플라세에 흐름의를 보여주는 매티지도 하다. '우리 날개다'라는 관점에서도, 우리는 일련의고 의 대와 그 자체를 가진 지나의 중재자로서의 튜브를 이해하며, 그것이 사람과 사람, 도시와 도시 사이의 시간과 정보를 나른다는 것을 안다. 튜브는 단순한 통로가 아니라 걸러내고, 지연시키며, 조율하는 매개체이다. 튜브를 통해 흐르는 것은 물질뿐만 아니라 기억과 리듬이며, 그것은 순환하고 되돌아온다. 패션 또한 이러한 순환의 한 형태로, 과거의 형식과 재료를 현재로 불러와 다시 엮는다. 이 과정에서 튜브는 필터이자 문지기로서 무엇이 통과하고 무엇이 남는지를 결정한다.

김한솔 : 한국의 앨범 반대로 나무몸의 유사하게, 또한 고향으로 출처의계의 특하는 '이동 수단'으로 인식되기도 한다. 이는 인간과 비인간의 경로를 하이라이트 하는 플라세에 흐름의를 보여주는 매티지도 하다. '우리 날개다'라는 관점에서도, 우리는 일련의고 의 대와 그 자체를 가진 지나의 중재자로서의 튜브를 이해하며, 그것이 사람과 사람, 도시와 도시 사이의 시간과 정보를 나른다는 것을 안다. 튜브는 단순한 통로가 아니라 걸러내고, 지연시키며, 조율하는 매개체이다. 튜브를 통해 흐르는 것은 물질뿐만 아니라 기억과 리듬이며, 그것은 순환하고 되돌아온다. 패션 또한 이러한 순환의 한 형태로, 과거의 형식과 재료를 현재로 불러와 다시 엮는다. 이 과정에서 튜브는 필터이자 문지기로서 무엇이 통과하고 무엇이 남는지를 결정한다.

김한솔 : 한국의 앨범 반대로 나무몸의 유사하게, 또한 고향으로 출처의계의 특하는 '이동 수단'으로 인식되기도 한다. 이는 인간과 비인간의 경로를 하이라이트 하는 플라세에 흐름의를 보여주는 매티지도 하다. '우리 날개다'라는 관점에서도, 우리는 일련의고 의 대와 그 자체를 가진 지나의 중재자로서의 튜브를 이해하며, 그것이 사람과 사람, 도시와 도시 사이의 시간과 정보를 나른다는 것을 안다. 튜브는 단순한 통로가 아니라 걸러내고, 지연시키며, 조율하는 매개체이다. 튜브를 통해 흐르는 것은 물질뿐만 아니라 기억과 리듬이며, 그것은 순환하고 되돌아온다. 패션 또한 이러한 순환의 한 형태로, 과거의 형식과 재료를 현재로 불러와 다시 엮는다. 이 과정에서 튜브는 필터이자 문지기로서 무엇이 통과하고 무엇이 남는지를 결정한다.
